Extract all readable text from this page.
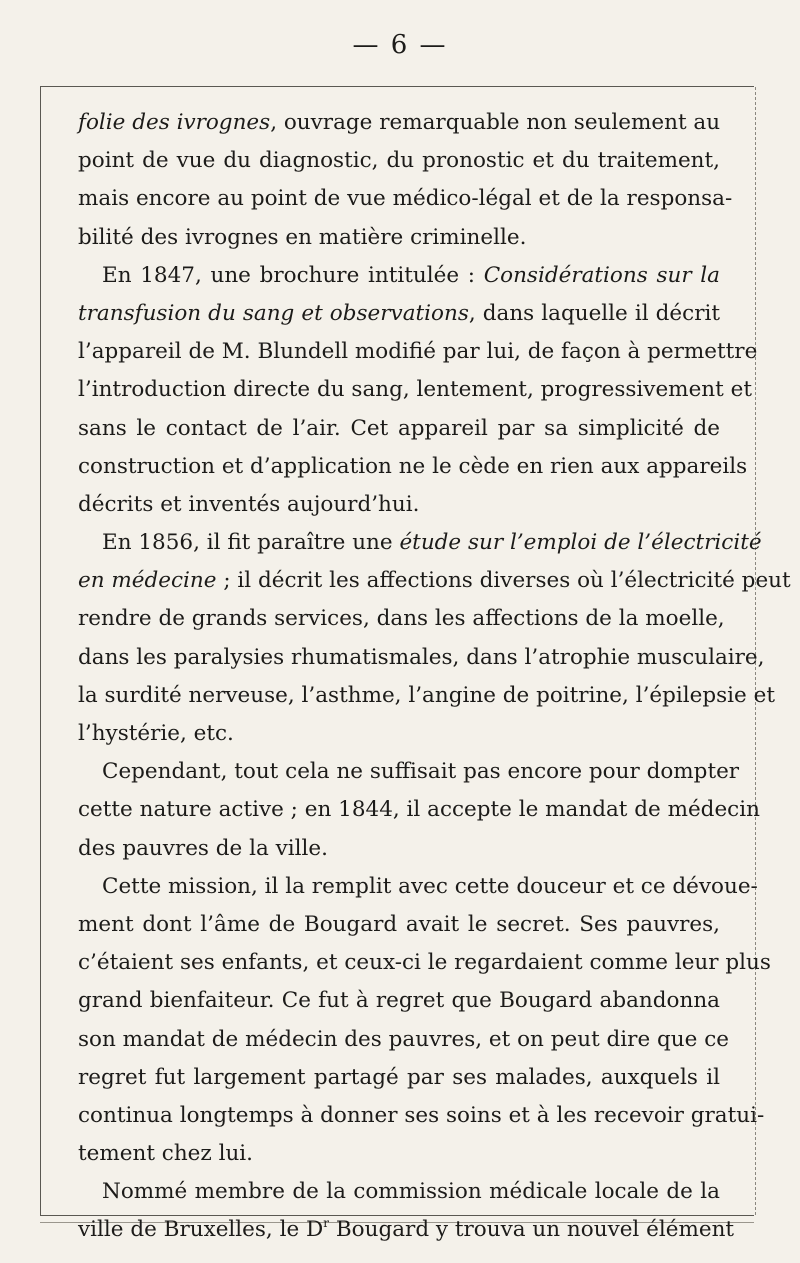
— 6 —
folie des ivrognes, ouvrage remarquable non seulement au
point de vue du diagnostic, du pronostic et du traitement,
mais encore au point de vue médico-légal et de la responsa-
bilité des ivrognes en matière criminelle.
En 1847, une brochure intitulée : Considérations sur la
transfusion du sang et observations, dans laquelle il décrit
l’appareil de M. Blundell modifié par lui, de façon à permettre
l’introduction directe du sang, lentement, progressivement et
sans le contact de l’air. Cet appareil par sa simplicité de
construction et d’application ne le cède en rien aux appareils
décrits et inventés aujourd’hui.
En 1856, il fit paraître une étude sur l’emploi de l’électricité
en médecine ; il décrit les affections diverses où l’électricité peut
rendre de grands services, dans les affections de la moelle,
dans les paralysies rhumatismales, dans l’atrophie musculaire,
la surdité nerveuse, l’asthme, l’angine de poitrine, l’épilepsie et
l’hystérie, etc.
Cependant, tout cela ne suffisait pas encore pour dompter
cette nature active ; en 1844, il accepte le mandat de médecin
des pauvres de la ville.
Cette mission, il la remplit avec cette douceur et ce dévoue-
ment dont l’âme de Bougard avait le secret. Ses pauvres,
c’étaient ses enfants, et ceux-ci le regardaient comme leur plus
grand bienfaiteur. Ce fut à regret que Bougard abandonna
son mandat de médecin des pauvres, et on peut dire que ce
regret fut largement partagé par ses malades, auxquels il
continua longtemps à donner ses soins et à les recevoir gratui-
tement chez lui.
Nommé membre de la commission médicale locale de la
ville de Bruxelles, le $D^r$ Bougard y trouva un nouvel élément
